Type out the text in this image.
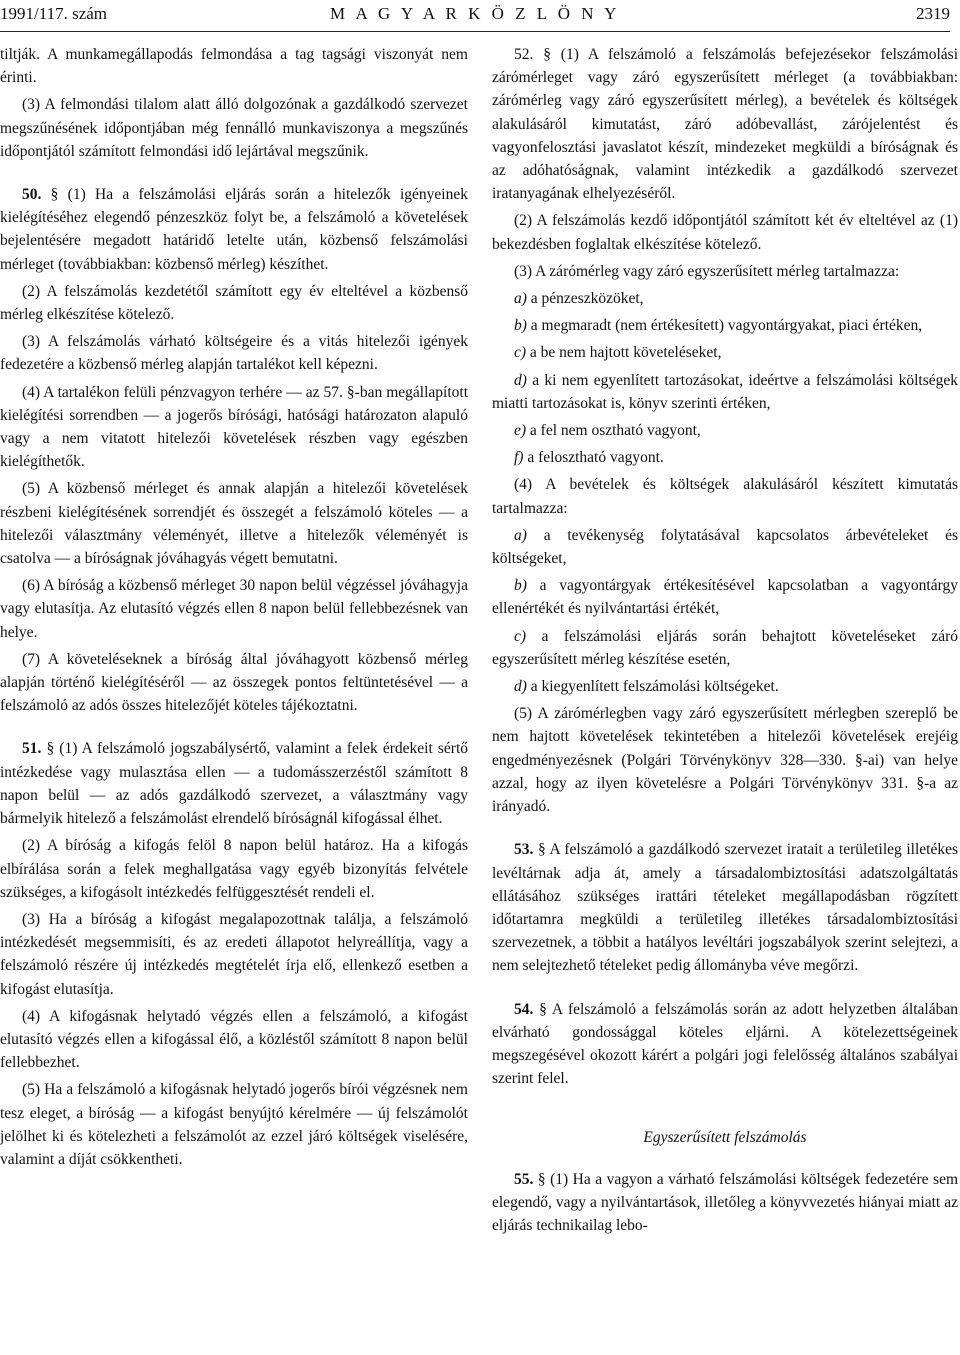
1991/117. szám	M A G Y A R K Ö Z L Ö N Y	2319

tiltják. A munkamegállapodás felmondása a tag tagsági viszonyát nem érinti.

(3) A felmondási tilalom alatt álló dolgozónak a gazdálkodó szervezet megszűnésének időpontjában még fennálló munkaviszonya a megszűnés időpontjától számított felmondási idő lejártával megszűnik.

50. § (1) Ha a felszámolási eljárás során a hitelezők igényeinek kielégítéséhez elegendő pénzeszköz folyt be, a felszámoló a követelések bejelentésére megadott határidő letelte után, közbenső felszámolási mérleget (továbbiakban: közbenső mérleg) készíthet.

(2) A felszámolás kezdetétől számított egy év elteltével a közbenső mérleg elkészítése kötelező.

(3) A felszámolás várható költségeire és a vitás hitelezői igények fedezetére a közbenső mérleg alapján tartalékot kell képezni.

(4) A tartalékon felüli pénzvagyon terhére — az 57. §-ban megállapított kielégítési sorrendben — a jogerős bírósági, hatósági határozaton alapuló vagy a nem vitatott hitelezői követelések részben vagy egészben kielégíthetők.

(5) A közbenső mérleget és annak alapján a hitelezői követelések részbeni kielégítésének sorrendjét és összegét a felszámoló köteles — a hitelezői választmány véleményét, illetve a hitelezők véleményét is csatolva — a bíróságnak jóváhagyás végett bemutatni.

(6) A bíróság a közbenső mérleget 30 napon belül végzéssel jóváhagyja vagy elutasítja. Az elutasító végzés ellen 8 napon belül fellebbezésnek van helye.

(7) A követeléseknek a bíróság által jóváhagyott közbenső mérleg alapján történő kielégítéséről — az összegek pontos feltüntetésével — a felszámoló az adós összes hitelezőjét köteles tájékoztatni.

51. § (1) A felszámoló jogszabálysértő, valamint a felek érdekeit sértő intézkedése vagy mulasztása ellen — a tudomásszerzéstől számított 8 napon belül — az adós gazdálkodó szervezet, a választmány vagy bármelyik hitelező a felszámolást elrendelő bíróságnál kifogással élhet.

(2) A bíróság a kifogás felöl 8 napon belül határoz. Ha a kifogás elbírálása során a felek meghallgatása vagy egyéb bizonyítás felvétele szükséges, a kifogásolt intézkedés felfüggesztését rendeli el.

(3) Ha a bíróság a kifogást megalapozottnak találja, a felszámoló intézkedését megsemmisíti, és az eredeti állapotot helyreállítja, vagy a felszámoló részére új intézkedés megtételét írja elő, ellenkező esetben a kifogást elutasítja.

(4) A kifogásnak helytadó végzés ellen a felszámoló, a kifogást elutasító végzés ellen a kifogással élő, a közléstől számított 8 napon belül fellebbezhet.

(5) Ha a felszámoló a kifogásnak helytadó jogerős bírói végzésnek nem tesz eleget, a bíróság — a kifogást benyújtó kérelmére — új felszámolót jelölhet ki és kötelezheti a felszámolót az ezzel járó költségek viselésére, valamint a díját csökkentheti.

52. § (1) A felszámoló a felszámolás befejezésekor felszámolási zárómérleget vagy záró egyszerűsített mérleget (a továbbiakban: zárómérleg vagy záró egyszerűsített mérleg), a bevételek és költségek alakulásáról kimutatást, záró adóbevallást, zárójelentést és vagyonfelosztási javaslatot készít, mindezeket megküldi a bíróságnak és az adóhatóságnak, valamint intézkedik a gazdálkodó szervezet iratanyagának elhelyezéséről.

(2) A felszámolás kezdő időpontjától számított két év elteltével az (1) bekezdésben foglaltak elkészítése kötelező.

(3) A zárómérleg vagy záró egyszerűsített mérleg tartalmazza:

a) a pénzeszközöket,

b) a megmaradt (nem értékesített) vagyontárgyakat, piaci értéken,

c) a be nem hajtott követeléseket,

d) a ki nem egyenlített tartozásokat, ideértve a felszámolási költségek miatti tartozásokat is, könyv szerinti értéken,

e) a fel nem osztható vagyont,

f) a felosztható vagyont.

(4) A bevételek és költségek alakulásáról készített kimutatás tartalmazza:

a) a tevékenység folytatásával kapcsolatos árbevételeket és költségeket,

b) a vagyontárgyak értékesítésével kapcsolatban a vagyontárgy ellenértékét és nyilvántartási értékét,

c) a felszámolási eljárás során behajtott követeléseket záró egyszerűsített mérleg készítése esetén,

d) a kiegyenlített felszámolási költségeket.

(5) A zárómérlegben vagy záró egyszerűsített mérlegben szereplő be nem hajtott követelések tekintetében a hitelezői követelések erejéig engedményezésnek (Polgári Törvénykönyv 328—330. §-ai) van helye azzal, hogy az ilyen követelésre a Polgári Törvénykönyv 331. §-a az irányadó.

53. § A felszámoló a gazdálkodó szervezet iratait a területileg illetékes levéltárnak adja át, amely a társadalombiztosítási adatszolgáltatás ellátásához szükséges irattári tételeket megállapodásban rögzített időtartamra megküldi a területileg illetékes társadalombiztosítási szervezetnek, a többit a hatályos levéltári jogszabályok szerint selejtezi, a nem selejtezhető tételeket pedig állományba véve megőrzi.

54. § A felszámoló a felszámolás során az adott helyzetben általában elvárható gondossággal köteles eljárni. A kötelezettségeinek megszegésével okozott kárért a polgári jogi felelősség általános szabályai szerint felel.

Egyszerűsített felszámolás

55. § (1) Ha a vagyon a várható felszámolási költségek fedezetére sem elegendő, vagy a nyilvántartások, illetőleg a könyvvezetés hiányai miatt az eljárás technikailag lebo-
